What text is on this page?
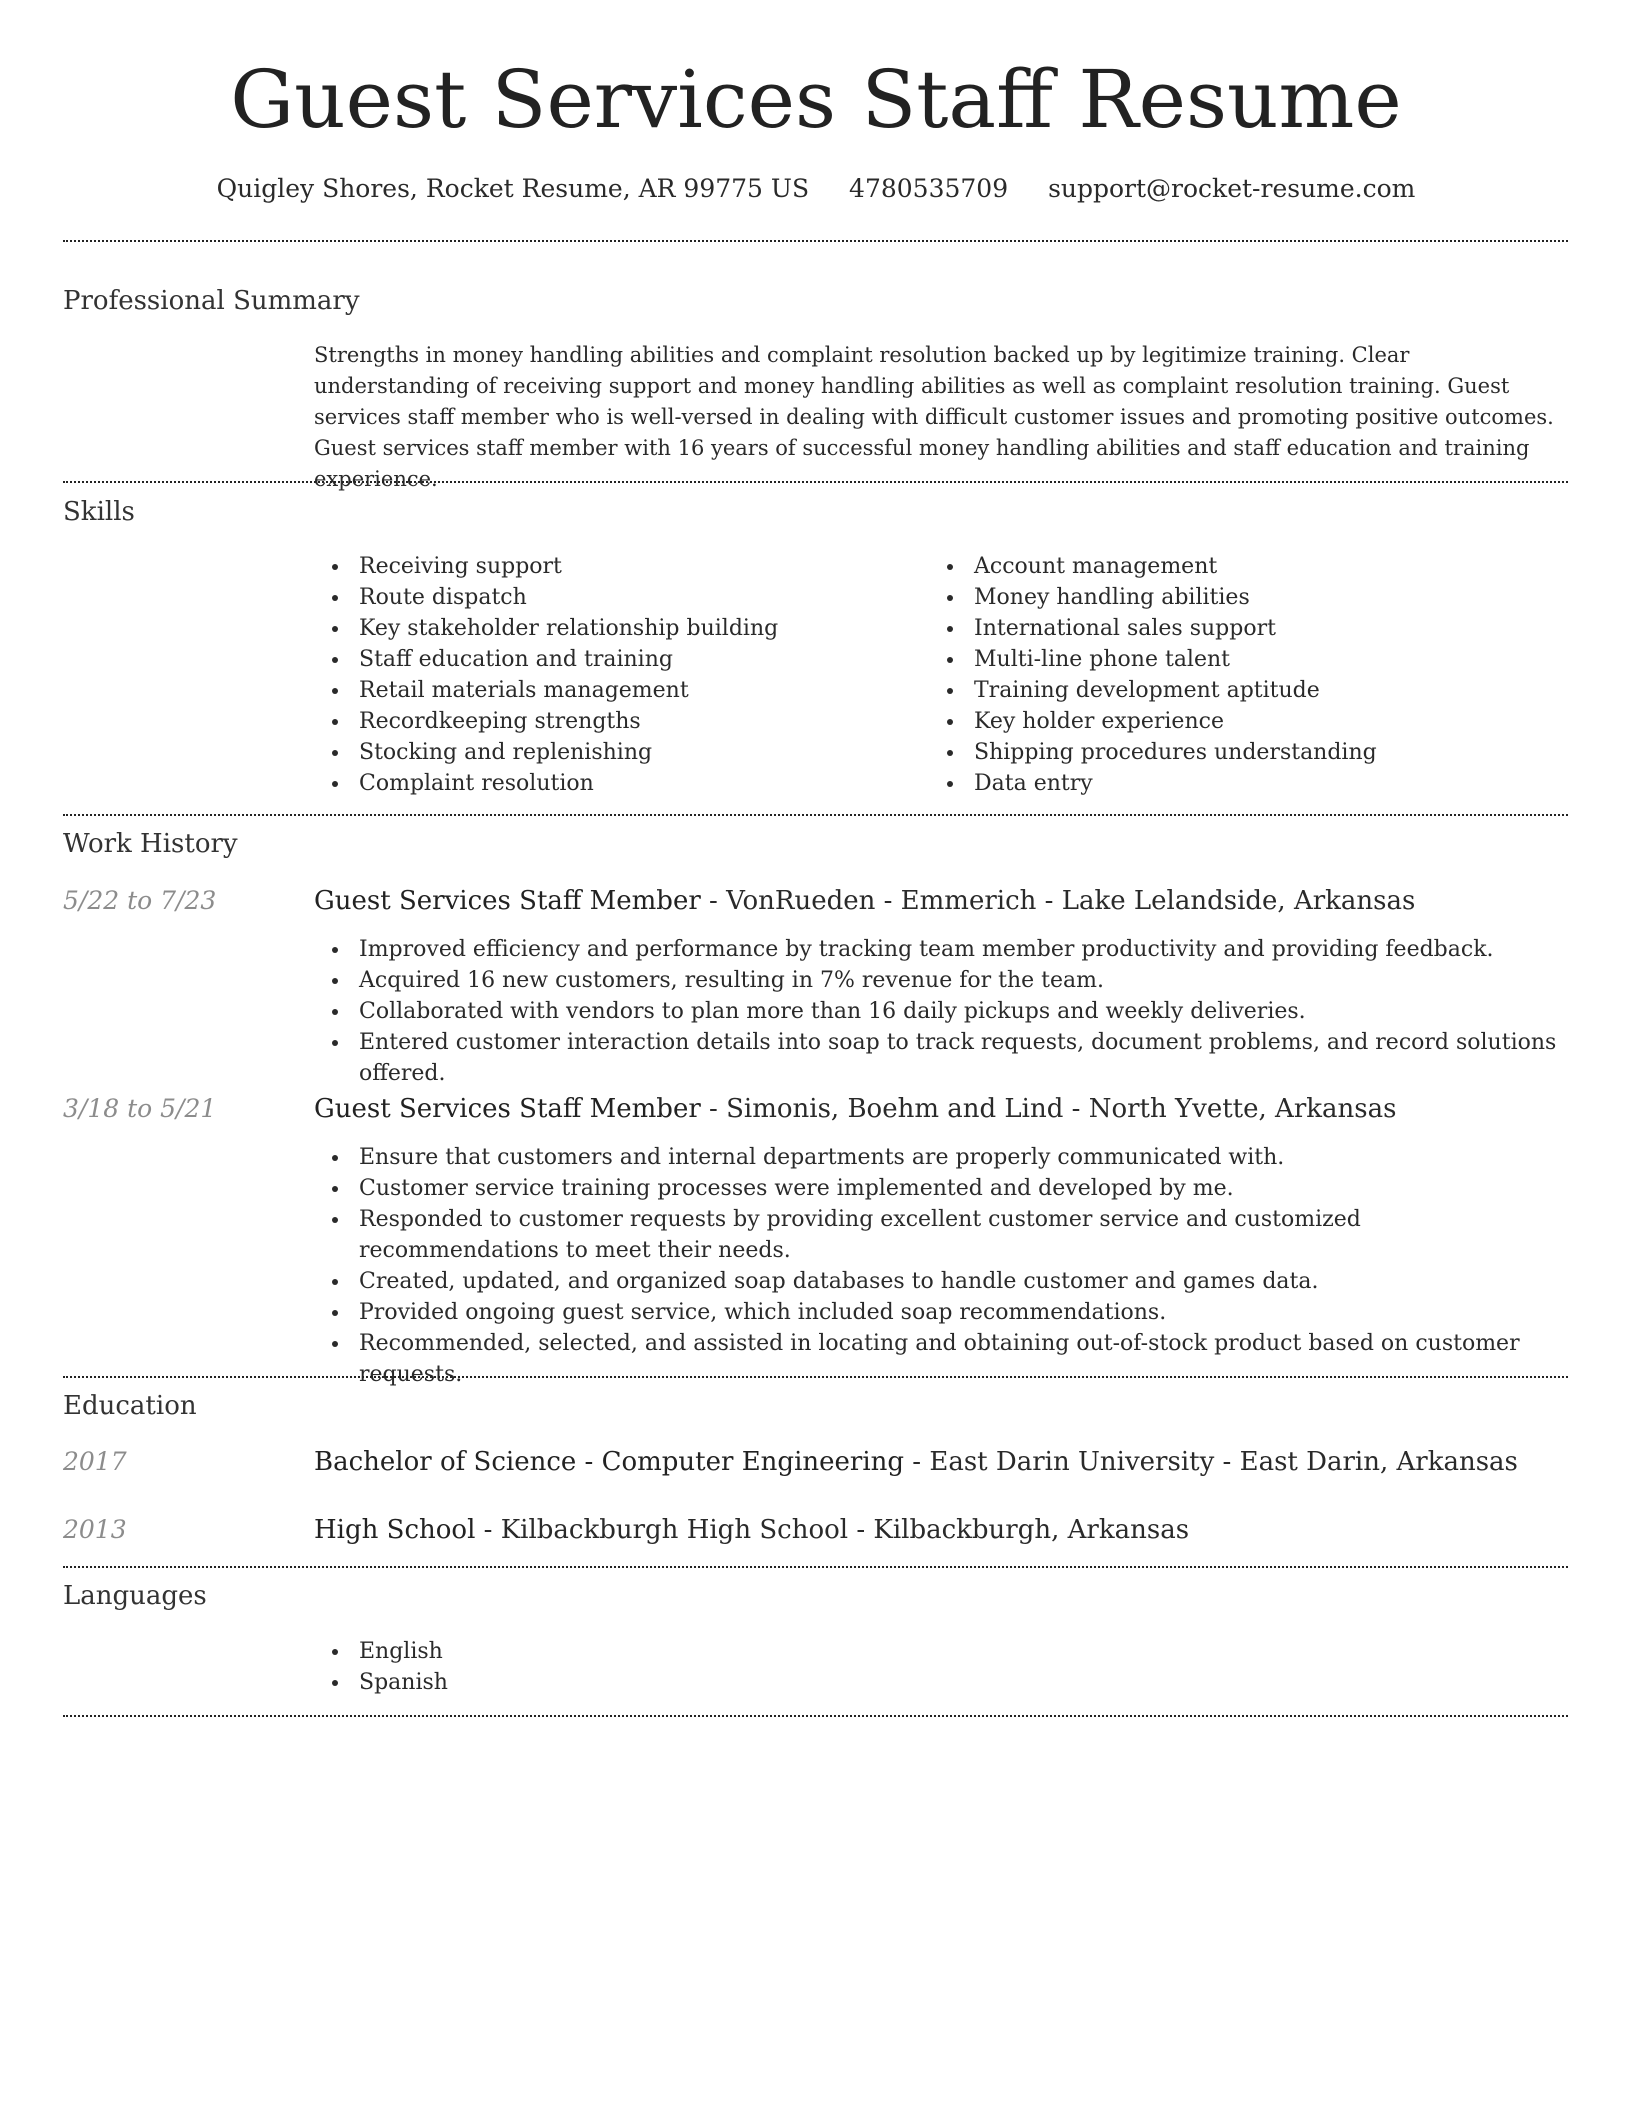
Guest Services Staff Resume
Quigley Shores, Rocket Resume, AR 99775 US 4780535709 support@rocket-resume.com
Professional Summary
Strengths in money handling abilities and complaint resolution backed up by legitimize training. Clear understanding of receiving support and money handling abilities as well as complaint resolution training. Guest services staff member who is well-versed in dealing with difficult customer issues and promoting positive outcomes. Guest services staff member with 16 years of successful money handling abilities and staff education and training experience.
Skills
Receiving support
Route dispatch
Key stakeholder relationship building
Staff education and training
Retail materials management
Recordkeeping strengths
Stocking and replenishing
Complaint resolution
Account management
Money handling abilities
International sales support
Multi-line phone talent
Training development aptitude
Key holder experience
Shipping procedures understanding
Data entry
Work History
5/22 to 7/23	Guest Services Staff Member - VonRueden - Emmerich - Lake Lelandside, Arkansas
Improved efficiency and performance by tracking team member productivity and providing feedback.
Acquired 16 new customers, resulting in 7% revenue for the team.
Collaborated with vendors to plan more than 16 daily pickups and weekly deliveries.
Entered customer interaction details into soap to track requests, document problems, and record solutions offered.
3/18 to 5/21	Guest Services Staff Member - Simonis, Boehm and Lind - North Yvette, Arkansas
Ensure that customers and internal departments are properly communicated with.
Customer service training processes were implemented and developed by me.
Responded to customer requests by providing excellent customer service and customized recommendations to meet their needs.
Created, updated, and organized soap databases to handle customer and games data.
Provided ongoing guest service, which included soap recommendations.
Recommended, selected, and assisted in locating and obtaining out-of-stock product based on customer requests.
Education
2017	Bachelor of Science - Computer Engineering - East Darin University - East Darin, Arkansas
2013	High School - Kilbackburgh High School - Kilbackburgh, Arkansas
Languages
English
Spanish
